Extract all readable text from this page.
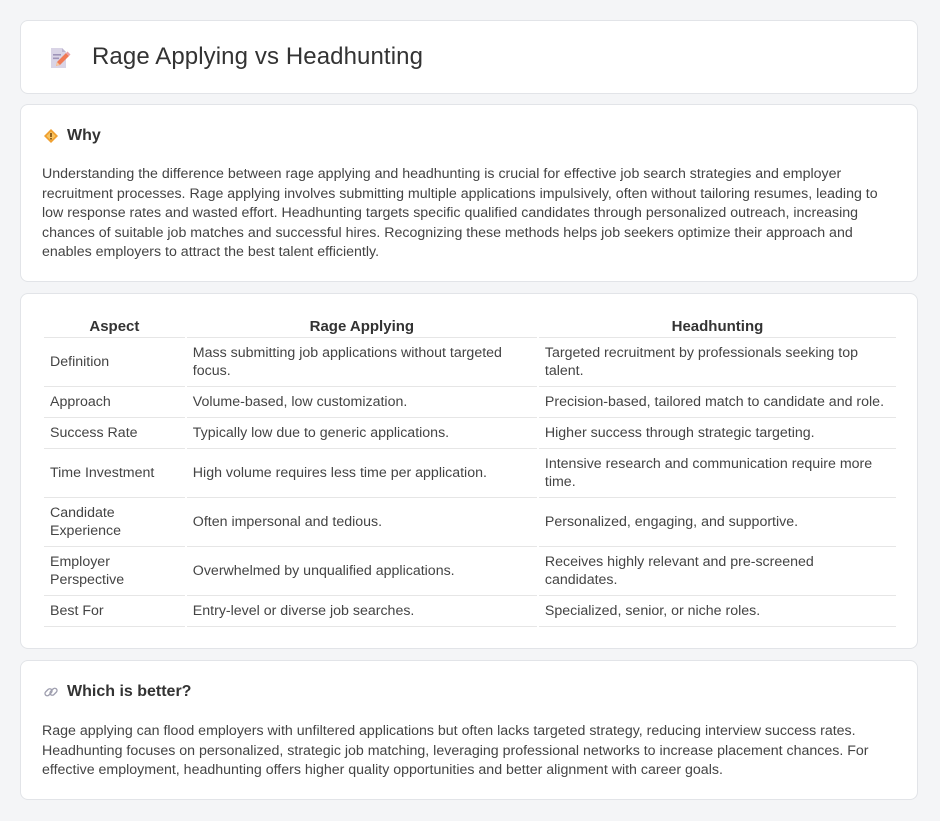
Rage Applying vs Headhunting
Why
Understanding the difference between rage applying and headhunting is crucial for effective job search strategies and employer recruitment processes. Rage applying involves submitting multiple applications impulsively, often without tailoring resumes, leading to low response rates and wasted effort. Headhunting targets specific qualified candidates through personalized outreach, increasing chances of suitable job matches and successful hires. Recognizing these methods helps job seekers optimize their approach and enables employers to attract the best talent efficiently.
Aspect	Rage Applying	Headhunting
Definition	Mass submitting job applications without targeted focus.	Targeted recruitment by professionals seeking top talent.
Approach	Volume-based, low customization.	Precision-based, tailored match to candidate and role.
Success Rate	Typically low due to generic applications.	Higher success through strategic targeting.
Time Investment	High volume requires less time per application.	Intensive research and communication require more time.
Candidate Experience	Often impersonal and tedious.	Personalized, engaging, and supportive.
Employer Perspective	Overwhelmed by unqualified applications.	Receives highly relevant and pre-screened candidates.
Best For	Entry-level or diverse job searches.	Specialized, senior, or niche roles.
Which is better?
Rage applying can flood employers with unfiltered applications but often lacks targeted strategy, reducing interview success rates. Headhunting focuses on personalized, strategic job matching, leveraging professional networks to increase placement chances. For effective employment, headhunting offers higher quality opportunities and better alignment with career goals.
